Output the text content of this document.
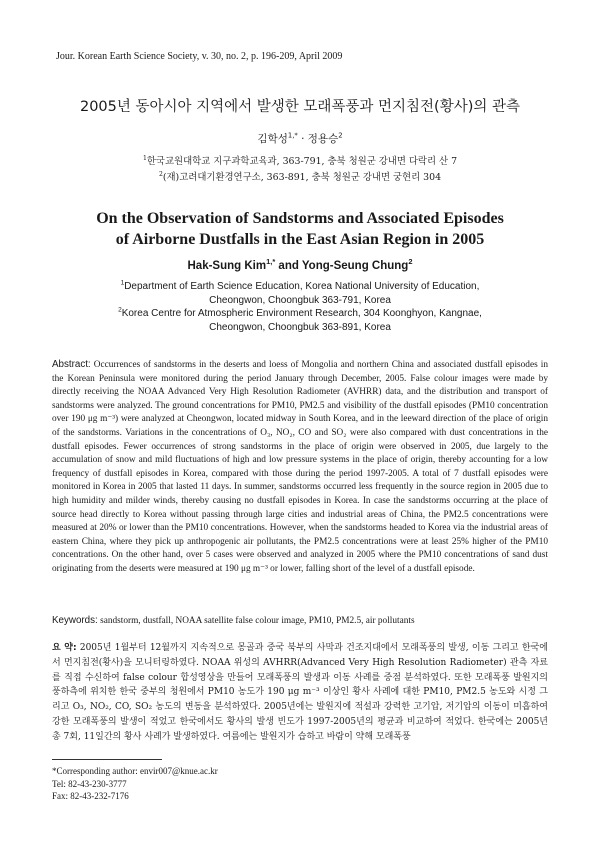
Jour. Korean Earth Science Society, v. 30, no. 2, p. 196-209, April 2009
2005년 동아시아 지역에서 발생한 모래폭풍과 먼지침전(황사)의 관측
김학성$^{1,*}$ · 정용승$^2$
$^1$한국교원대학교 지구과학교육과, 363-791, 충북 청원군 강내면 다락리 산 7
$^2$(재)고려대기환경연구소, 363-891, 충북 청원군 강내면 궁현리 304
On the Observation of Sandstorms and Associated Episodes
of Airborne Dustfalls in the East Asian Region in 2005
Hak-Sung Kim$^{1,*}$ and Yong-Seung Chung$^2$
$^1$Department of Earth Science Education, Korea National University of Education,
Cheongwon, Choongbuk 363-791, Korea
$^2$Korea Centre for Atmospheric Environment Research, 304 Koonghyon, Kangnae,
Cheongwon, Choongbuk 363-891, Korea
Abstract: Occurrences of sandstorms in the deserts and loess of Mongolia and northern China and associated dustfall episodes in the Korean Peninsula were monitored during the period January through December, 2005. False colour images were made by directly receiving the NOAA Advanced Very High Resolution Radiometer (AVHRR) data, and the distribution and transport of sandstorms were analyzed. The ground concentrations for PM10, PM2.5 and visibility of the dustfall episodes (PM10 concentration over 190 μg m⁻³) were analyzed at Cheongwon, located midway in South Korea, and in the leeward direction of the place of origin of the sandstorms. Variations in the concentrations of O₃, NO₂, CO and SO₂ were also compared with dust concentrations in the dustfall episodes. Fewer occurrences of strong sandstorms in the place of origin were observed in 2005, due largely to the accumulation of snow and mild fluctuations of high and low pressure systems in the place of origin, thereby accounting for a low frequency of dustfall episodes in Korea, compared with those during the period 1997-2005. A total of 7 dustfall episodes were monitored in Korea in 2005 that lasted 11 days. In summer, sandstorms occurred less frequently in the source region in 2005 due to high humidity and milder winds, thereby causing no dustfall episodes in Korea. In case the sandstorms occurring at the place of source head directly to Korea without passing through large cities and industrial areas of China, the PM2.5 concentrations were measured at 20% or lower than the PM10 concentrations. However, when the sandstorms headed to Korea via the industrial areas of eastern China, where they pick up anthropogenic air pollutants, the PM2.5 concentrations were at least 25% higher of the PM10 concentrations. On the other hand, over 5 cases were observed and analyzed in 2005 where the PM10 concentrations of sand dust originating from the deserts were measured at 190 μg m⁻³ or lower, falling short of the level of a dustfall episode.
Keywords: sandstorm, dustfall, NOAA satellite false colour image, PM10, PM2.5, air pollutants
요 약: 2005년 1월부터 12월까지 지속적으로 몽골과 중국 북부의 사막과 건조지대에서 모래폭풍의 발생, 이동 그리고 한국에서 먼지침전(황사)을 모니터링하였다. NOAA 위성의 AVHRR(Advanced Very High Resolution Radiometer) 관측 자료를 직접 수신하여 false colour 합성영상을 만들어 모래폭풍의 발생과 이동 사례를 중점 분석하였다. 또한 모래폭풍 발원지의 풍하측에 위치한 한국 중부의 청원에서 PM10 농도가 190 μg m⁻³ 이상인 황사 사례에 대한 PM10, PM2.5 농도와 시정 그리고 O₃, NO₂, CO, SO₂ 농도의 변동을 분석하였다. 2005년에는 발원지에 적설과 강력한 고기압, 저기압의 이동이 미흡하여 강한 모래폭풍의 발생이 적었고 한국에서도 황사의 발생 빈도가 1997-2005년의 평균과 비교하여 적었다. 한국에는 2005년 총 7회, 11일간의 황사 사례가 발생하였다. 여름에는 발원지가 습하고 바람이 약해 모래폭풍
*Corresponding author: envir007@knue.ac.kr
Tel: 82-43-230-3777
Fax: 82-43-232-7176
